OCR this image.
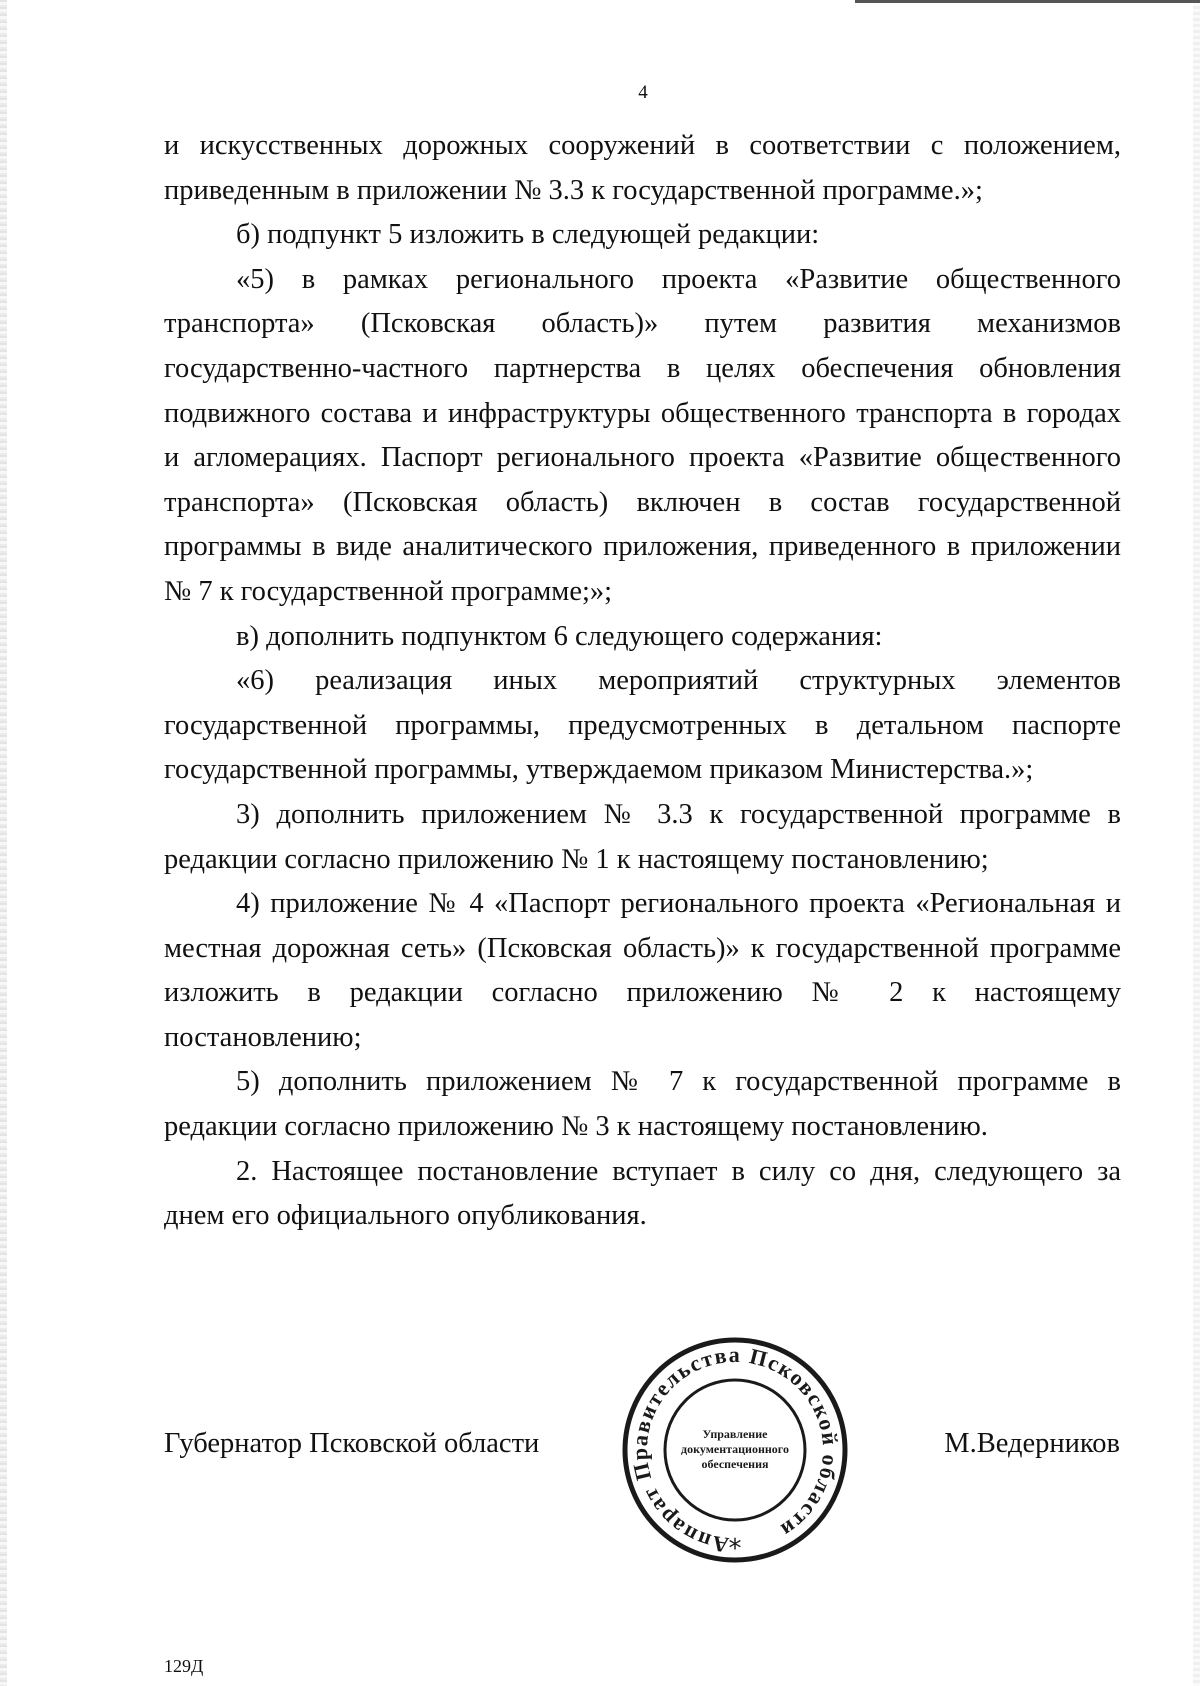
4

и искусственных дорожных сооружений в соответствии с положением, приведенным в приложении № 3.3 к государственной программе.»;

б) подпункт 5 изложить в следующей редакции:

«5) в рамках регионального проекта «Развитие общественного транспорта» (Псковская область)» путем развития механизмов государственно-частного партнерства в целях обеспечения обновления подвижного состава и инфраструктуры общественного транспорта в городах и агломерациях. Паспорт регионального проекта «Развитие общественного транспорта» (Псковская область) включен в состав государственной программы в виде аналитического приложения, приведенного в приложении № 7 к государственной программе;»;

в) дополнить подпунктом 6 следующего содержания:

«6) реализация иных мероприятий структурных элементов государственной программы, предусмотренных в детальном паспорте государственной программы, утверждаемом приказом Министерства.»;

3) дополнить приложением № 3.3 к государственной программе в редакции согласно приложению № 1 к настоящему постановлению;

4) приложение № 4 «Паспорт регионального проекта «Региональная и местная дорожная сеть» (Псковская область)» к государственной программе изложить в редакции согласно приложению № 2 к настоящему постановлению;

5) дополнить приложением № 7 к государственной программе в редакции согласно приложению № 3 к настоящему постановлению.

2. Настоящее постановление вступает в силу со дня, следующего за днем его официального опубликования.

Губернатор Псковской области
Аппарат Правительства Псковской области
Управление
документационного
обеспечения
*
М.Ведерников
129Д
